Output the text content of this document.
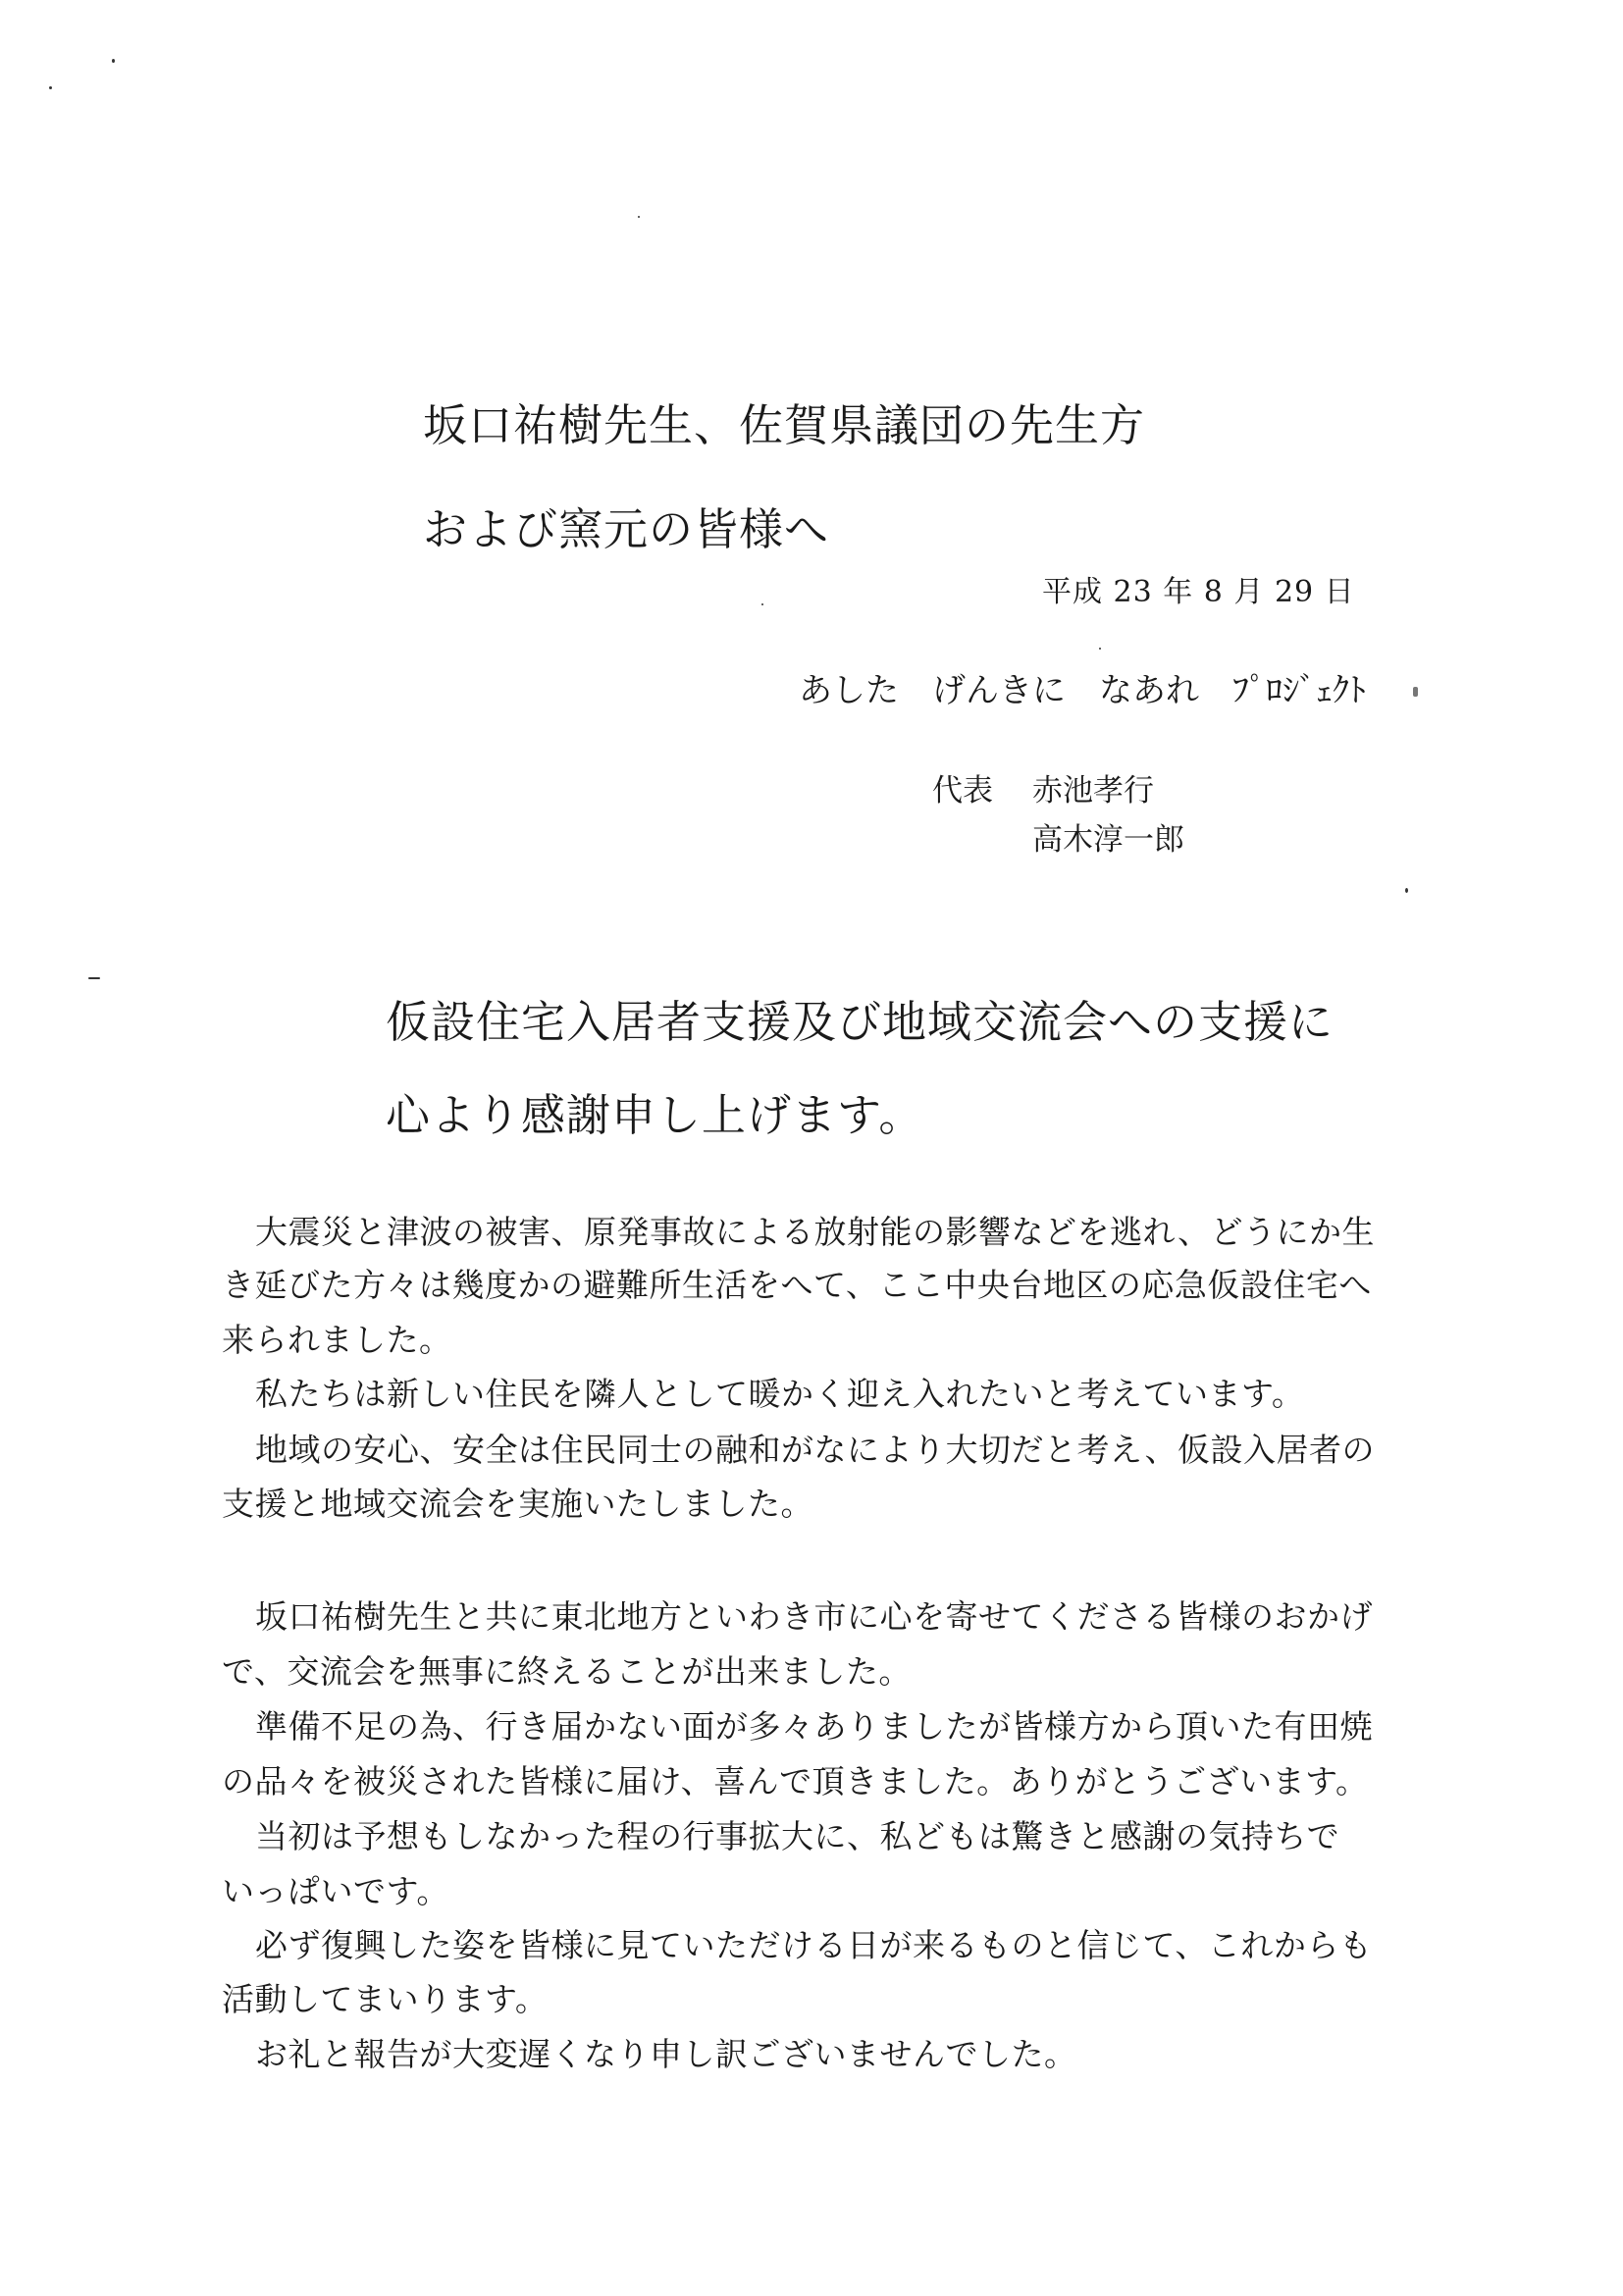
坂口祐樹先生、佐賀県議団の先生方
および窯元の皆様へ
平成 23 年 8 月 29 日
あした　げんきに　なあれ　ﾌﾟﾛｼﾞｪｸﾄ
代表 赤池孝行
高木淳一郎
仮設住宅入居者支援及び地域交流会への支援に
心より感謝申し上げます。
大震災と津波の被害、原発事故による放射能の影響などを逃れ、どうにか生
き延びた方々は幾度かの避難所生活をへて、ここ中央台地区の応急仮設住宅へ
来られました。
私たちは新しい住民を隣人として暖かく迎え入れたいと考えています。
地域の安心、安全は住民同士の融和がなにより大切だと考え、仮設入居者の
支援と地域交流会を実施いたしました。
坂口祐樹先生と共に東北地方といわき市に心を寄せてくださる皆様のおかげ
で、交流会を無事に終えることが出来ました。
準備不足の為、行き届かない面が多々ありましたが皆様方から頂いた有田焼
の品々を被災された皆様に届け、喜んで頂きました。ありがとうございます。
当初は予想もしなかった程の行事拡大に、私どもは驚きと感謝の気持ちで
いっぱいです。
必ず復興した姿を皆様に見ていただける日が来るものと信じて、これからも
活動してまいります。
お礼と報告が大変遅くなり申し訳ございませんでした。
